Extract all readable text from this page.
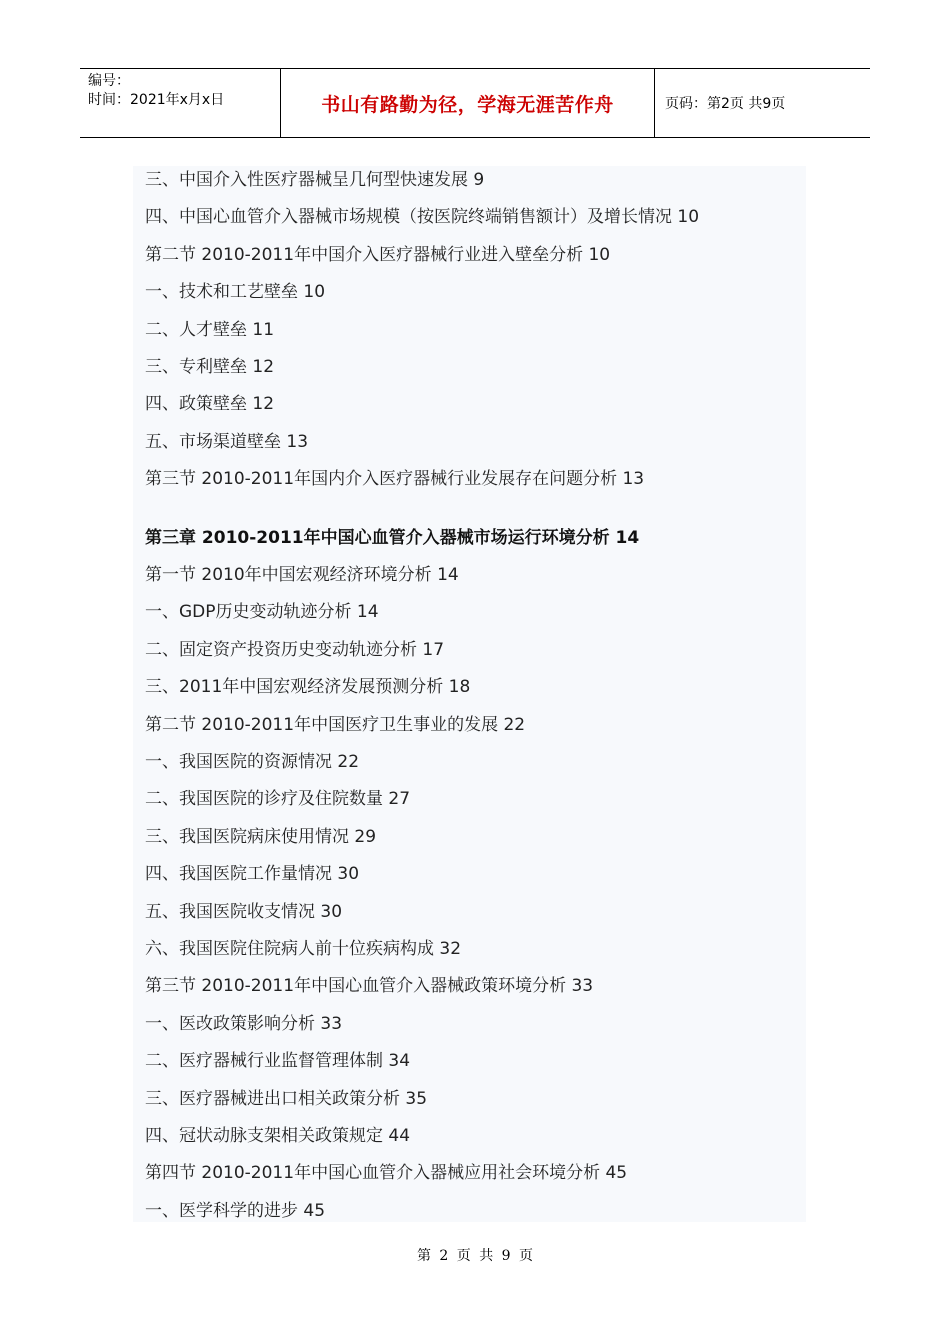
编号：
时间：2021年x月x日	书山有路勤为径，学海无涯苦作舟	页码：第2页 共9页
三、中国介入性医疗器械呈几何型快速发展 9
四、中国心血管介入器械市场规模（按医院终端销售额计）及增长情况 10
第二节 2010-2011年中国介入医疗器械行业进入壁垒分析 10
一、技术和工艺壁垒 10
二、人才壁垒 11
三、专利壁垒 12
四、政策壁垒 12
五、市场渠道壁垒 13
第三节 2010-2011年国内介入医疗器械行业发展存在问题分析 13
第三章 2010-2011年中国心血管介入器械市场运行环境分析 14
第一节 2010年中国宏观经济环境分析 14
一、GDP历史变动轨迹分析 14
二、固定资产投资历史变动轨迹分析 17
三、2011年中国宏观经济发展预测分析 18
第二节 2010-2011年中国医疗卫生事业的发展 22
一、我国医院的资源情况 22
二、我国医院的诊疗及住院数量 27
三、我国医院病床使用情况 29
四、我国医院工作量情况 30
五、我国医院收支情况 30
六、我国医院住院病人前十位疾病构成 32
第三节 2010-2011年中国心血管介入器械政策环境分析 33
一、医改政策影响分析 33
二、医疗器械行业监督管理体制 34
三、医疗器械进出口相关政策分析 35
四、冠状动脉支架相关政策规定 44
第四节 2010-2011年中国心血管介入器械应用社会环境分析 45
一、医学科学的进步 45
第 2 页 共 9 页
